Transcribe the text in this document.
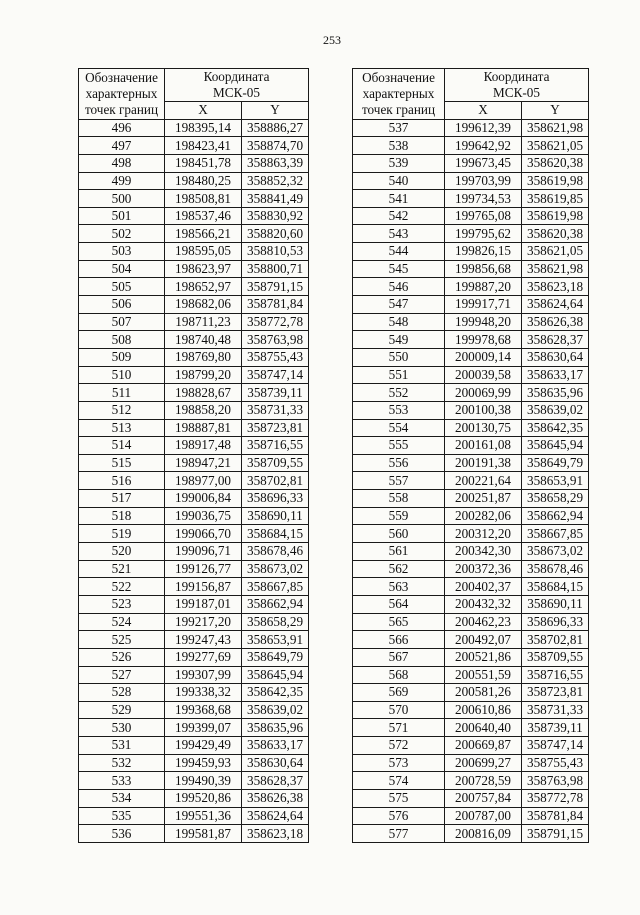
253
Обозначение
характерных
точек границ	Координата
МСК-05	
	X	Y
496	198395,14	358886,27
497	198423,41	358874,70
498	198451,78	358863,39
499	198480,25	358852,32
500	198508,81	358841,49
501	198537,46	358830,92
502	198566,21	358820,60
503	198595,05	358810,53
504	198623,97	358800,71
505	198652,97	358791,15
506	198682,06	358781,84
507	198711,23	358772,78
508	198740,48	358763,98
509	198769,80	358755,43
510	198799,20	358747,14
511	198828,67	358739,11
512	198858,20	358731,33
513	198887,81	358723,81
514	198917,48	358716,55
515	198947,21	358709,55
516	198977,00	358702,81
517	199006,84	358696,33
518	199036,75	358690,11
519	199066,70	358684,15
520	199096,71	358678,46
521	199126,77	358673,02
522	199156,87	358667,85
523	199187,01	358662,94
524	199217,20	358658,29
525	199247,43	358653,91
526	199277,69	358649,79
527	199307,99	358645,94
528	199338,32	358642,35
529	199368,68	358639,02
530	199399,07	358635,96
531	199429,49	358633,17
532	199459,93	358630,64
533	199490,39	358628,37
534	199520,86	358626,38
535	199551,36	358624,64
536	199581,87	358623,18
Обозначение
характерных
точек границ	Координата
МСК-05	
	X	Y
537	199612,39	358621,98
538	199642,92	358621,05
539	199673,45	358620,38
540	199703,99	358619,98
541	199734,53	358619,85
542	199765,08	358619,98
543	199795,62	358620,38
544	199826,15	358621,05
545	199856,68	358621,98
546	199887,20	358623,18
547	199917,71	358624,64
548	199948,20	358626,38
549	199978,68	358628,37
550	200009,14	358630,64
551	200039,58	358633,17
552	200069,99	358635,96
553	200100,38	358639,02
554	200130,75	358642,35
555	200161,08	358645,94
556	200191,38	358649,79
557	200221,64	358653,91
558	200251,87	358658,29
559	200282,06	358662,94
560	200312,20	358667,85
561	200342,30	358673,02
562	200372,36	358678,46
563	200402,37	358684,15
564	200432,32	358690,11
565	200462,23	358696,33
566	200492,07	358702,81
567	200521,86	358709,55
568	200551,59	358716,55
569	200581,26	358723,81
570	200610,86	358731,33
571	200640,40	358739,11
572	200669,87	358747,14
573	200699,27	358755,43
574	200728,59	358763,98
575	200757,84	358772,78
576	200787,00	358781,84
577	200816,09	358791,15
